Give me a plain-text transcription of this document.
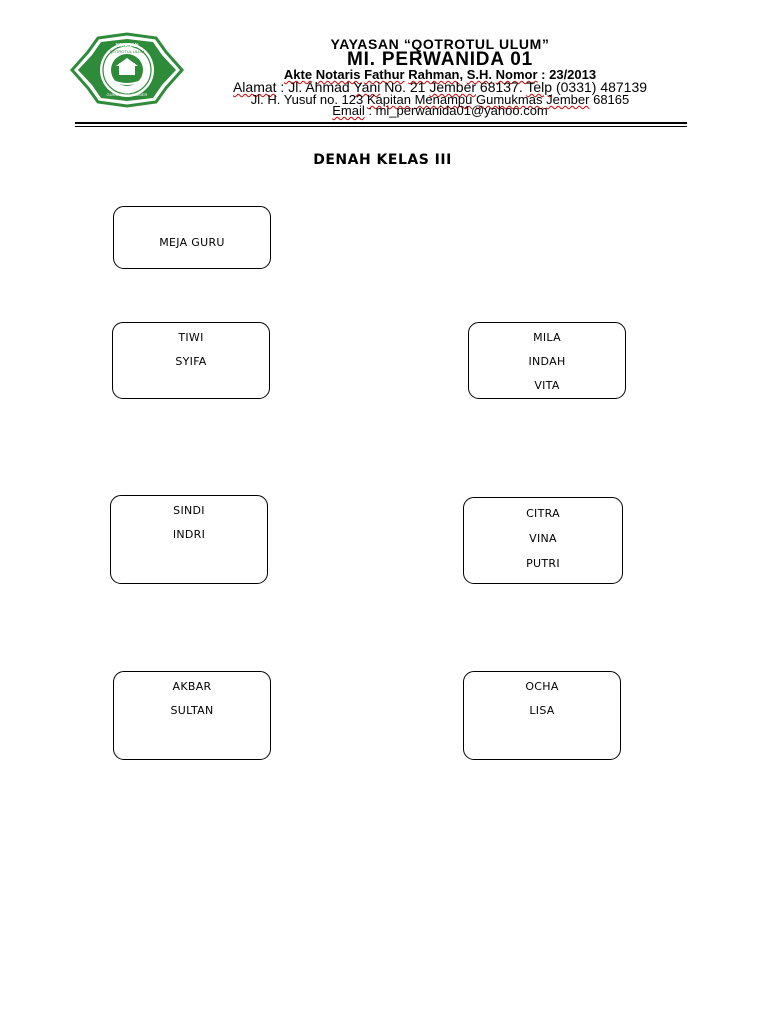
YAYASAN
QOTROTUL ULUM
GUMUKMAS JEMBER
YAYASAN “QOTROTUL ULUM”
MI. PERWANIDA 01
Akte Notaris Fathur Rahman, S.H. Nomor : 23/2013
Alamat : Jl. Ahmad Yani No. 21 Jember 68137. Telp (0331) 487139
Jl. H. Yusuf no. 123 Kapitan Menampu Gumukmas Jember 68165
Email : mi_perwanida01@yahoo.com
DENAH KELAS III
MEJA GURU
TIWI
SYIFA
MILA
INDAH
VITA
SINDI
INDRI
CITRA
VINA
PUTRI
AKBAR
SULTAN
OCHA
LISA
